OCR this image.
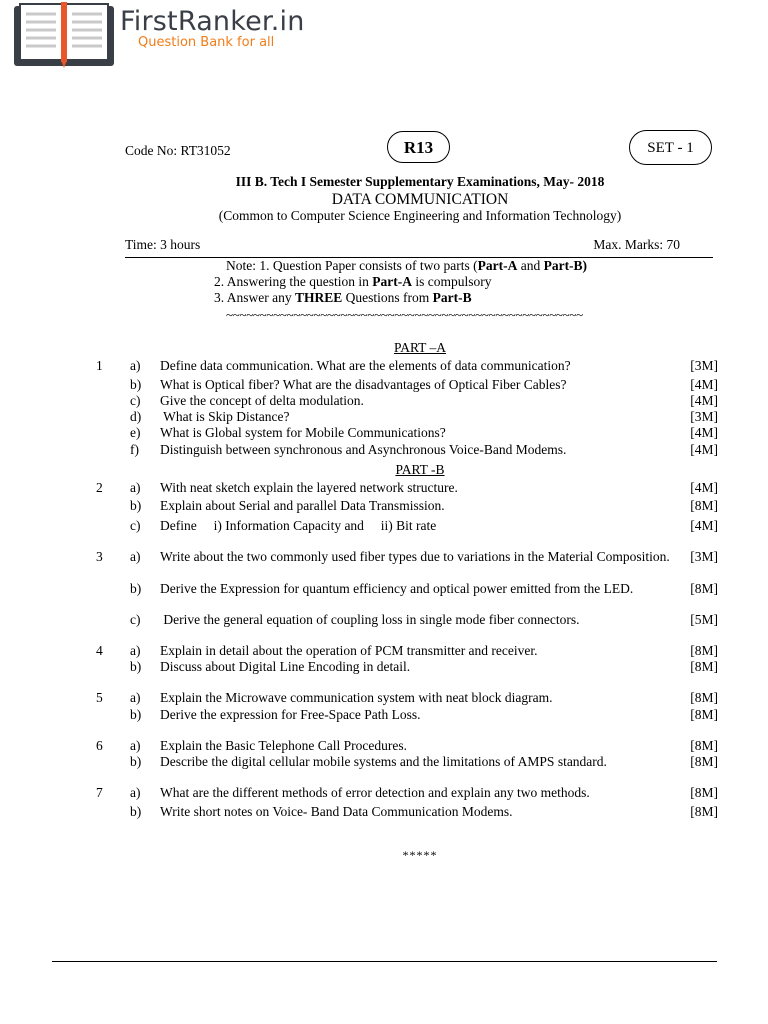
FirstRanker.in
Question Bank for all
Code No: RT31052	R13	SET - 1
III B. Tech I Semester Supplementary Examinations, May- 2018
DATA COMMUNICATION
(Common to Computer Science Engineering and Information Technology)
Time: 3 hours	Max. Marks: 70
Note: 1. Question Paper consists of two parts (Part-A and Part-B)
2. Answering the question in Part-A is compulsory
3. Answer any THREE Questions from Part-B
~~~~~~~~~~~~~~~~~~~~~~~~~~~~~~~~~~~~~~~~~~~~~~~~~~~~~
PART –A
1 a) Define data communication. What are the elements of data communication?	[3M]
b) What is Optical fiber? What are the disadvantages of Optical Fiber Cables?	[4M]
c) Give the concept of delta modulation.	[4M]
d) What is Skip Distance?	[3M]
e) What is Global system for Mobile Communications?	[4M]
f) Distinguish between synchronous and Asynchronous Voice-Band Modems.	[4M]
PART -B
2 a) With neat sketch explain the layered network structure.	[4M]
b) Explain about Serial and parallel Data Transmission.	[8M]
c) Define     i) Information Capacity and     ii) Bit rate	[4M]
3 a) Write about the two commonly used fiber types due to variations in the Material Composition.	[3M]
b) Derive the Expression for quantum efficiency and optical power emitted from the LED.	[8M]
c) Derive the general equation of coupling loss in single mode fiber connectors.	[5M]
4 a) Explain in detail about the operation of PCM transmitter and receiver.	[8M]
b) Discuss about Digital Line Encoding in detail.	[8M]
5 a) Explain the Microwave communication system with neat block diagram.	[8M]
b) Derive the expression for Free-Space Path Loss.	[8M]
6 a) Explain the Basic Telephone Call Procedures.	[8M]
b) Describe the digital cellular mobile systems and the limitations of AMPS standard.	[8M]
7 a) What are the different methods of error detection and explain any two methods.	[8M]
b) Write short notes on Voice- Band Data Communication Modems.	[8M]
*****
